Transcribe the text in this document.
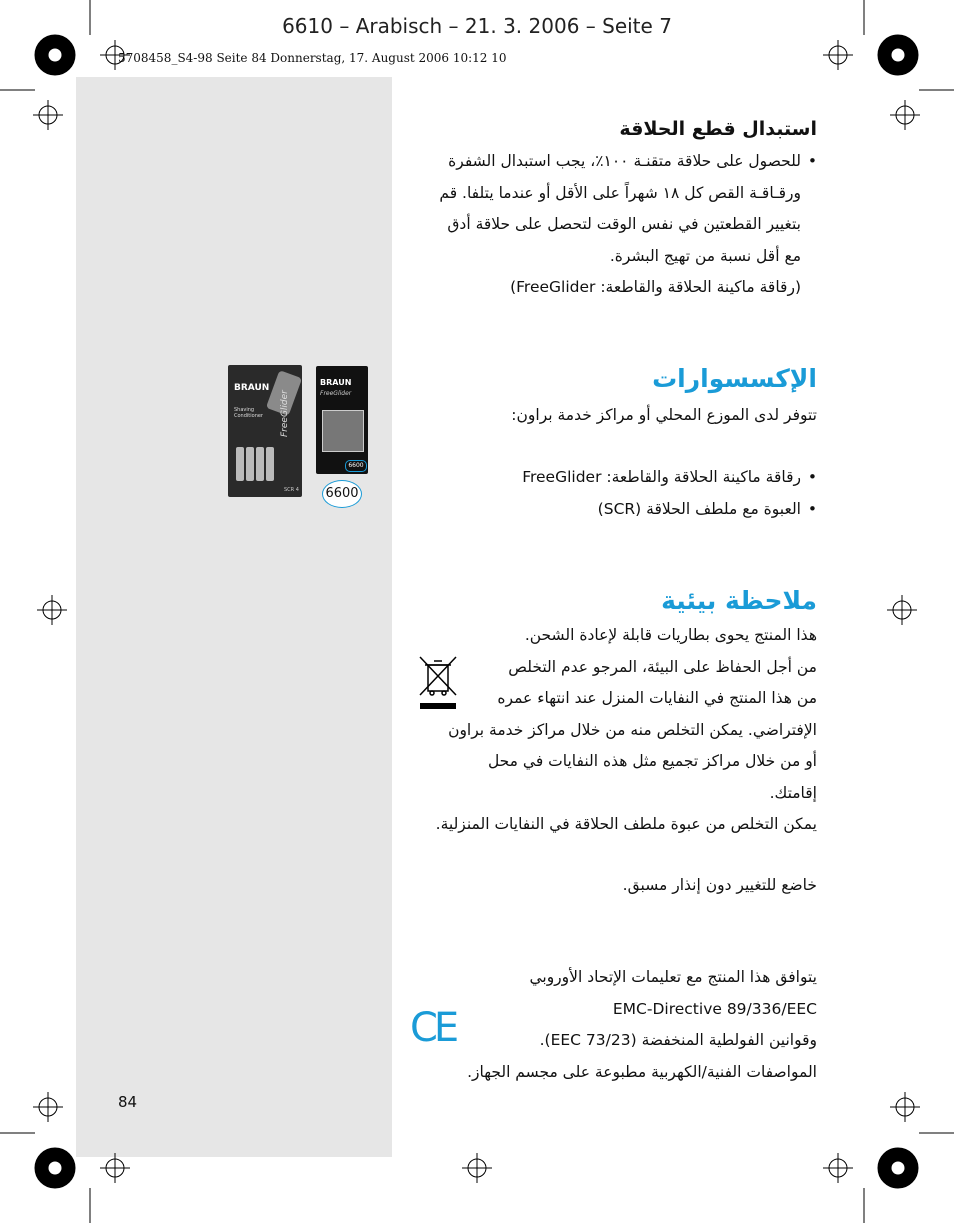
6610 – Arabisch – 21. 3. 2006 – Seite 7
5708458_S4-98 Seite 84 Donnerstag, 17. August 2006 10:12 10
استبدال قطع الحلاقة
•للحصول على حلاقة متقنـة ١٠٠٪، يجب استبدال الشفرة
ورقـاقـة القص كل ١٨ شهراً على الأقل أو عندما يتلفا. قم
بتغيير القطعتين في نفس الوقت لتحصل على حلاقة أدق
مع أقل نسبة من تهيج البشرة.
(رقاقة ماكينة الحلاقة والقاطعة: FreeGlider)
الإكسسوارات
تتوفر لدى الموزع المحلي أو مراكز خدمة براون:
•رقاقة ماكينة الحلاقة والقاطعة: FreeGlider
•العبوة مع ملطف الحلاقة (SCR)
BRAUN
Shaving Conditioner FreeGlider
SCR 4
BRAUN
FreeGlider
6600
6600
ملاحظة بيئية
هذا المنتج يحوى بطاريات قابلة لإعادة الشحن.
من أجل الحفاظ على البيئة، المرجو عدم التخلص
من هذا المنتج في النفايات المنزل عند انتهاء عمره
الإفتراضي. يمكن التخلص منه من خلال مراكز خدمة براون
أو من خلال مراكز تجميع مثل هذه النفايات في محل
إقامتك.
يمكن التخلص من عبوة ملطف الحلاقة في النفايات المنزلية.
خاضع للتغيير دون إنذار مسبق.
يتوافق هذا المنتج مع تعليمات الإتحاد الأوروبي
EMC-Directive 89/336/EEC
وقوانين الفولطية المنخفضة (73/23 EEC).
المواصفات الفنية/الكهربية مطبوعة على مجسم الجهاز.
CE
84
